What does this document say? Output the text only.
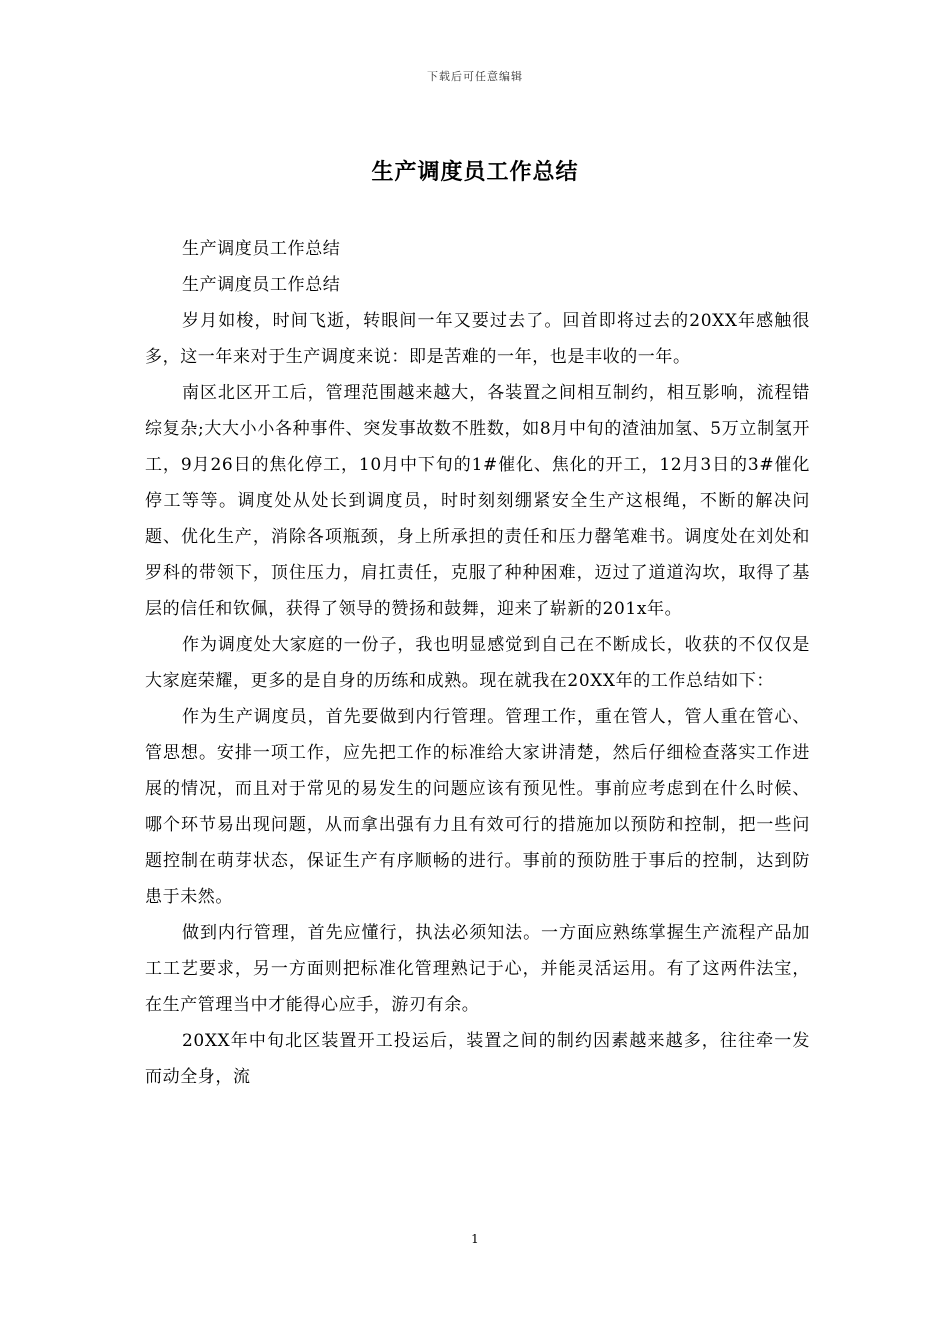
下载后可任意编辑
生产调度员工作总结

生产调度员工作总结

生产调度员工作总结

岁月如梭，时间飞逝，转眼间一年又要过去了。回首即将过去的20XX年感触很多，这一年来对于生产调度来说：即是苦难的一年，也是丰收的一年。

南区北区开工后，管理范围越来越大，各装置之间相互制约，相互影响，流程错综复杂;大大小小各种事件、突发事故数不胜数，如8月中旬的渣油加氢、5万立制氢开工，9月26日的焦化停工，10月中下旬的1#催化、焦化的开工，12月3日的3#催化停工等等。调度处从处长到调度员，时时刻刻绷紧安全生产这根绳，不断的解决问题、优化生产，消除各项瓶颈，身上所承担的责任和压力罄笔难书。调度处在刘处和罗科的带领下，顶住压力，肩扛责任，克服了种种困难，迈过了道道沟坎，取得了基层的信任和钦佩，获得了领导的赞扬和鼓舞，迎来了崭新的201x年。

作为调度处大家庭的一份子，我也明显感觉到自己在不断成长，收获的不仅仅是大家庭荣耀，更多的是自身的历练和成熟。现在就我在20XX年的工作总结如下：

作为生产调度员，首先要做到内行管理。管理工作，重在管人，管人重在管心、管思想。安排一项工作，应先把工作的标准给大家讲清楚，然后仔细检查落实工作进展的情况，而且对于常见的易发生的问题应该有预见性。事前应考虑到在什么时候、哪个环节易出现问题，从而拿出强有力且有效可行的措施加以预防和控制，把一些问题控制在萌芽状态，保证生产有序顺畅的进行。事前的预防胜于事后的控制，达到防患于未然。

做到内行管理，首先应懂行，执法必须知法。一方面应熟练掌握生产流程产品加工工艺要求，另一方面则把标准化管理熟记于心，并能灵活运用。有了这两件法宝，在生产管理当中才能得心应手，游刃有余。

20XX年中旬北区装置开工投运后，装置之间的制约因素越来越多，往往牵一发而动全身，流

1
